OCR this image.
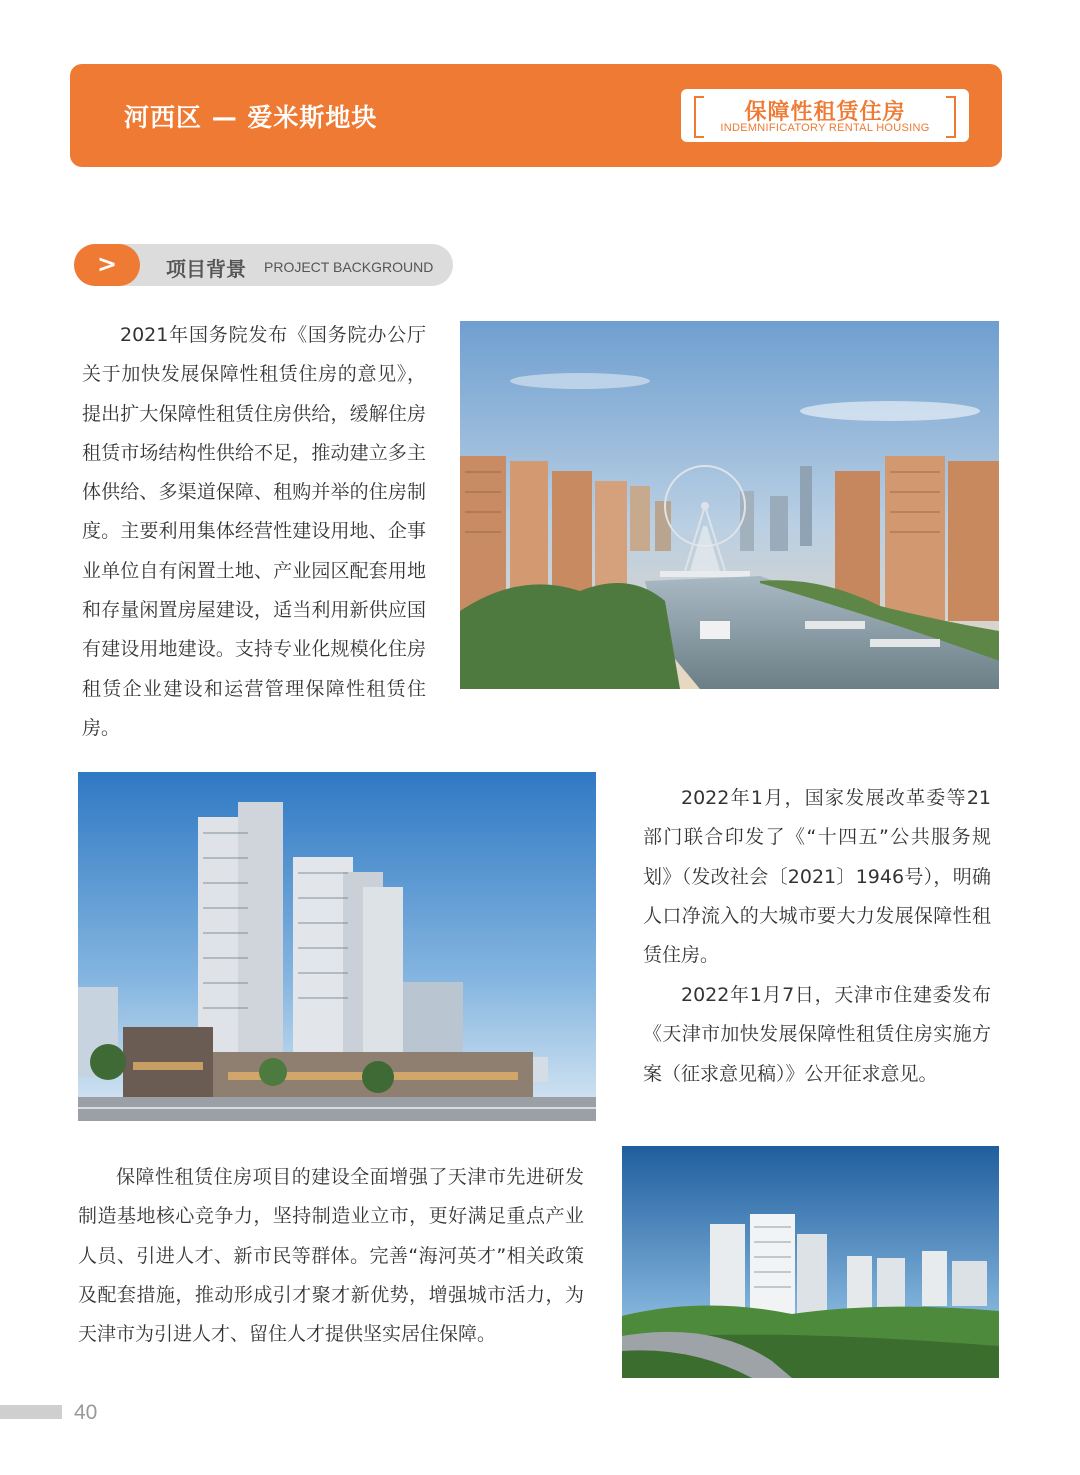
河西区 — 爱米斯地块	保障性租赁住房
INDEMNIFICATORY RENTAL HOUSING
>	项目背景 PROJECT BACKGROUND

2021年国务院发布《国务院办公厅关于加快发展保障性租赁住房的意见》，提出扩大保障性租赁住房供给，缓解住房租赁市场结构性供给不足，推动建立多主体供给、多渠道保障、租购并举的住房制度。主要利用集体经营性建设用地、企事业单位自有闲置土地、产业园区配套用地和存量闲置房屋建设，适当利用新供应国有建设用地建设。支持专业化规模化住房租赁企业建设和运营管理保障性租赁住房。

2022年1月，国家发展改革委等21部门联合印发了《“十四五”公共服务规划》（发改社会〔2021〕1946号），明确人口净流入的大城市要大力发展保障性租赁住房。

2022年1月7日，天津市住建委发布《天津市加快发展保障性租赁住房实施方案（征求意见稿）》公开征求意见。

保障性租赁住房项目的建设全面增强了天津市先进研发制造基地核心竞争力，坚持制造业立市，更好满足重点产业人员、引进人才、新市民等群体。完善“海河英才”相关政策及配套措施，推动形成引才聚才新优势，增强城市活力，为天津市为引进人才、留住人才提供坚实居住保障。

40
